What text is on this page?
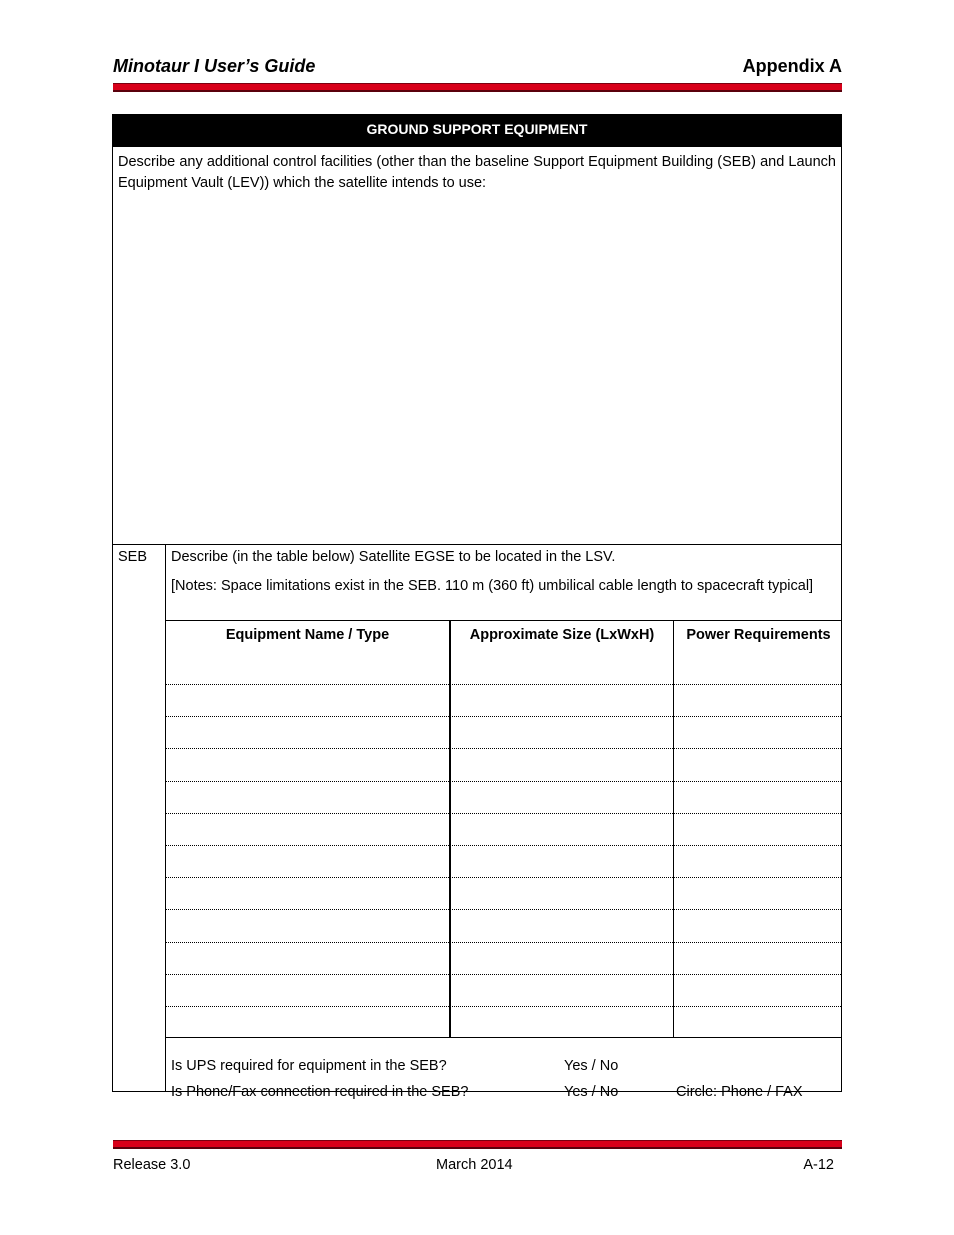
Minotaur I User’s Guide	Appendix A
GROUND SUPPORT EQUIPMENT
Describe any additional control facilities (other than the baseline Support Equipment Building (SEB) and Launch Equipment Vault (LEV)) which the satellite intends to use:
SEB	Describe (in the table below) Satellite EGSE to be located in the LSV.
[Notes: Space limitations exist in the SEB. 110 m (360 ft) umbilical cable length to spacecraft typical]
Equipment Name / Type	Approximate Size (LxWxH)	Power Requirements
Is UPS required for equipment in the SEB?	Yes / No
Is Phone/Fax connection required in the SEB?	Yes / No	Circle: Phone / FAX
Release 3.0	March 2014	A-12
